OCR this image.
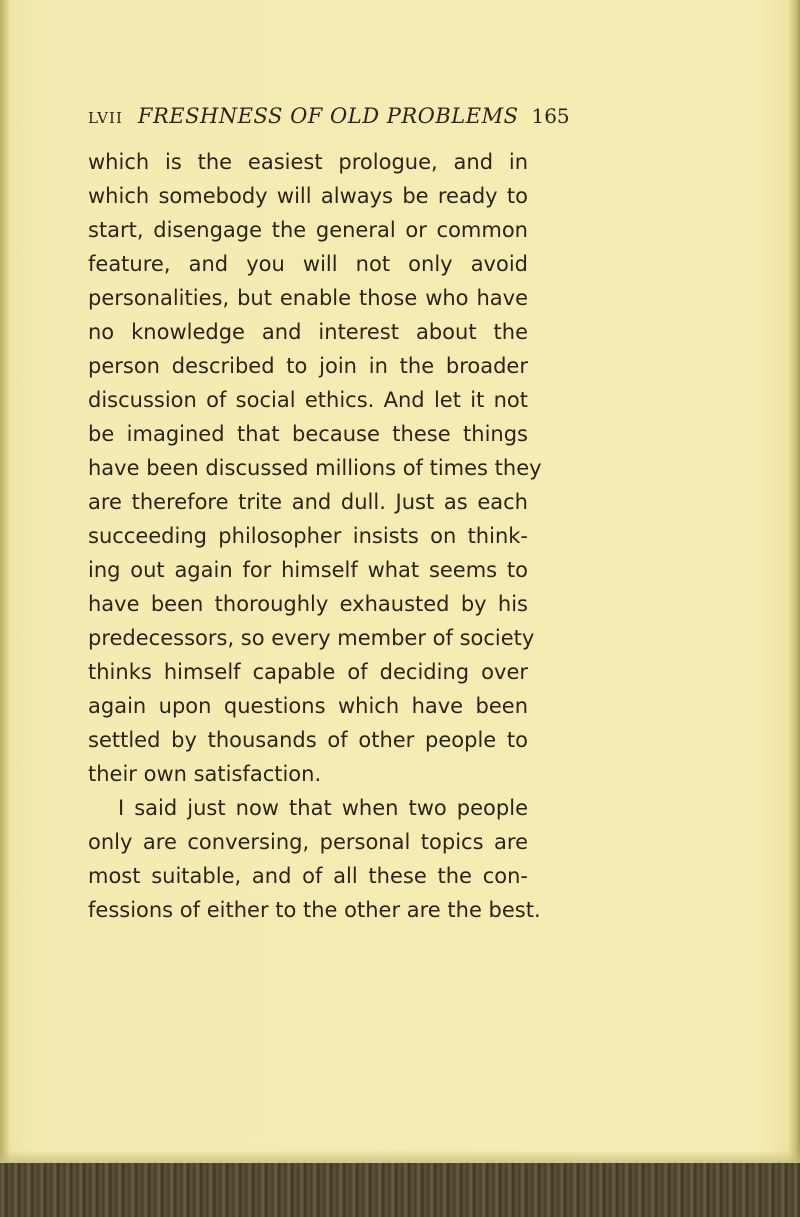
LVII FRESHNESS OF OLD PROBLEMS 165
which is the easiest prologue, and in
which somebody will always be ready to
start, disengage the general or common
feature, and you will not only avoid
personalities, but enable those who have
no knowledge and interest about the
person described to join in the broader
discussion of social ethics. And let it not
be imagined that because these things
have been discussed millions of times they
are therefore trite and dull. Just as each
succeeding philosopher insists on think-
ing out again for himself what seems to
have been thoroughly exhausted by his
predecessors, so every member of society
thinks himself capable of deciding over
again upon questions which have been
settled by thousands of other people to
their own satisfaction.
I said just now that when two people
only are conversing, personal topics are
most suitable, and of all these the con-
fessions of either to the other are the best.
